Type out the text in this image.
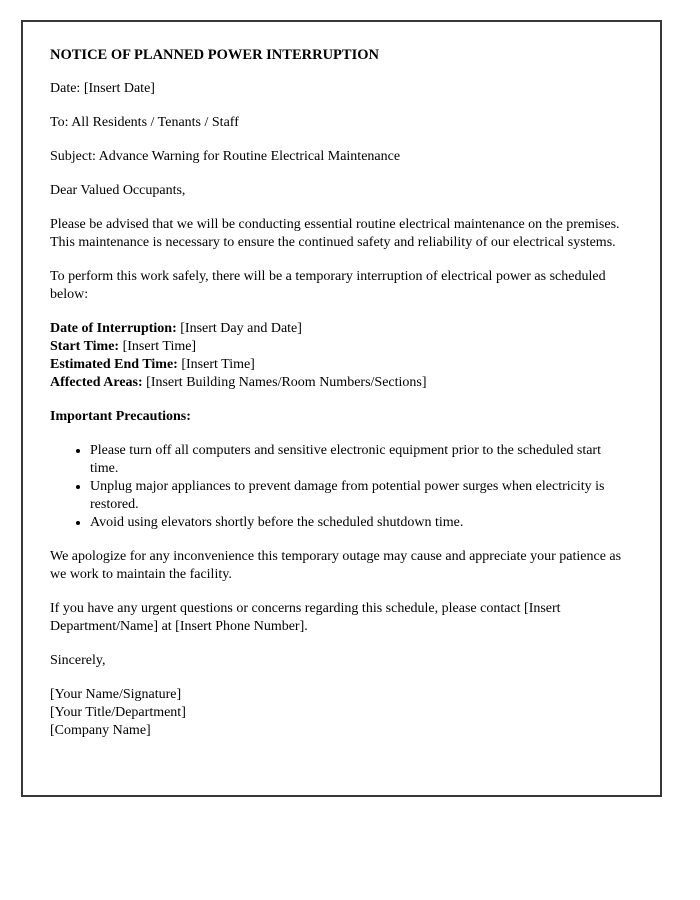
NOTICE OF PLANNED POWER INTERRUPTION

Date: [Insert Date]

To: All Residents / Tenants / Staff

Subject: Advance Warning for Routine Electrical Maintenance

Dear Valued Occupants,

Please be advised that we will be conducting essential routine electrical maintenance on the premises. This maintenance is necessary to ensure the continued safety and reliability of our electrical systems.

To perform this work safely, there will be a temporary interruption of electrical power as scheduled below:

Date of Interruption: [Insert Day and Date]
Start Time: [Insert Time]
Estimated End Time: [Insert Time]
Affected Areas: [Insert Building Names/Room Numbers/Sections]
Important Precautions:
• Please turn off all computers and sensitive electronic equipment prior to the scheduled start time.
• Unplug major appliances to prevent damage from potential power surges when electricity is restored.
• Avoid using elevators shortly before the scheduled shutdown time.

We apologize for any inconvenience this temporary outage may cause and appreciate your patience as we work to maintain the facility.

If you have any urgent questions or concerns regarding this schedule, please contact [Insert Department/Name] at [Insert Phone Number].

Sincerely,

[Your Name/Signature]
[Your Title/Department]
[Company Name]
